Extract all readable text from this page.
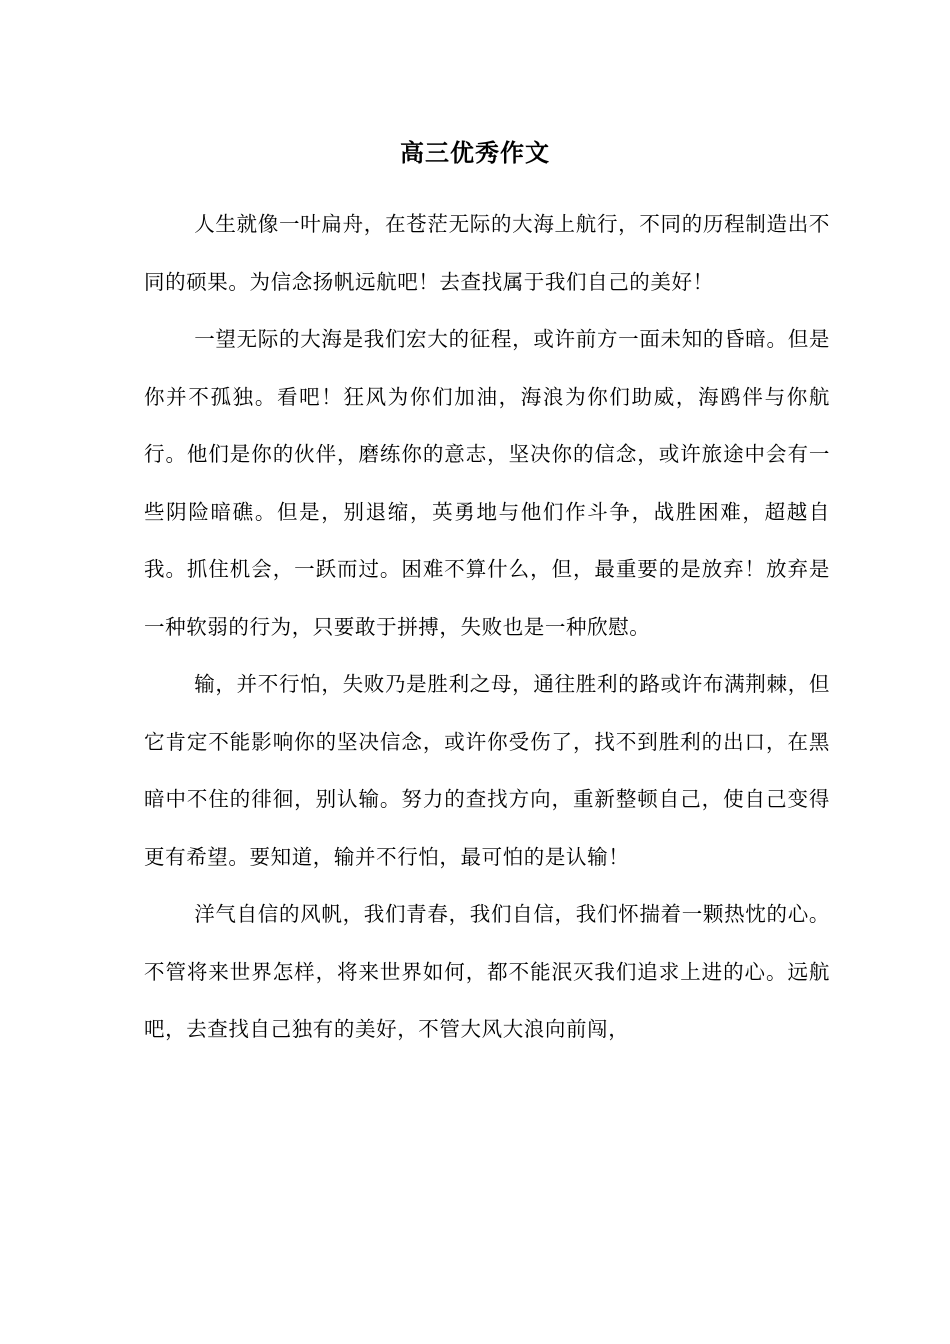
高三优秀作文

人生就像一叶扁舟，在苍茫无际的大海上航行，不同的历程制造出不同的硕果。为信念扬帆远航吧！去查找属于我们自己的美好！

一望无际的大海是我们宏大的征程，或许前方一面未知的昏暗。但是你并不孤独。看吧！狂风为你们加油，海浪为你们助威，海鸥伴与你航行。他们是你的伙伴，磨练你的意志，坚决你的信念，或许旅途中会有一些阴险暗礁。但是，别退缩，英勇地与他们作斗争，战胜困难，超越自我。抓住机会，一跃而过。困难不算什么，但，最重要的是放弃！放弃是一种软弱的行为，只要敢于拼搏，失败也是一种欣慰。

输，并不行怕，失败乃是胜利之母，通往胜利的路或许布满荆棘，但它肯定不能影响你的坚决信念，或许你受伤了，找不到胜利的出口，在黑暗中不住的徘徊，别认输。努力的查找方向，重新整顿自己，使自己变得更有希望。要知道，输并不行怕，最可怕的是认输！

洋气自信的风帆，我们青春，我们自信，我们怀揣着一颗热忱的心。不管将来世界怎样，将来世界如何，都不能泯灭我们追求上进的心。远航吧，去查找自己独有的美好，不管大风大浪向前闯，
